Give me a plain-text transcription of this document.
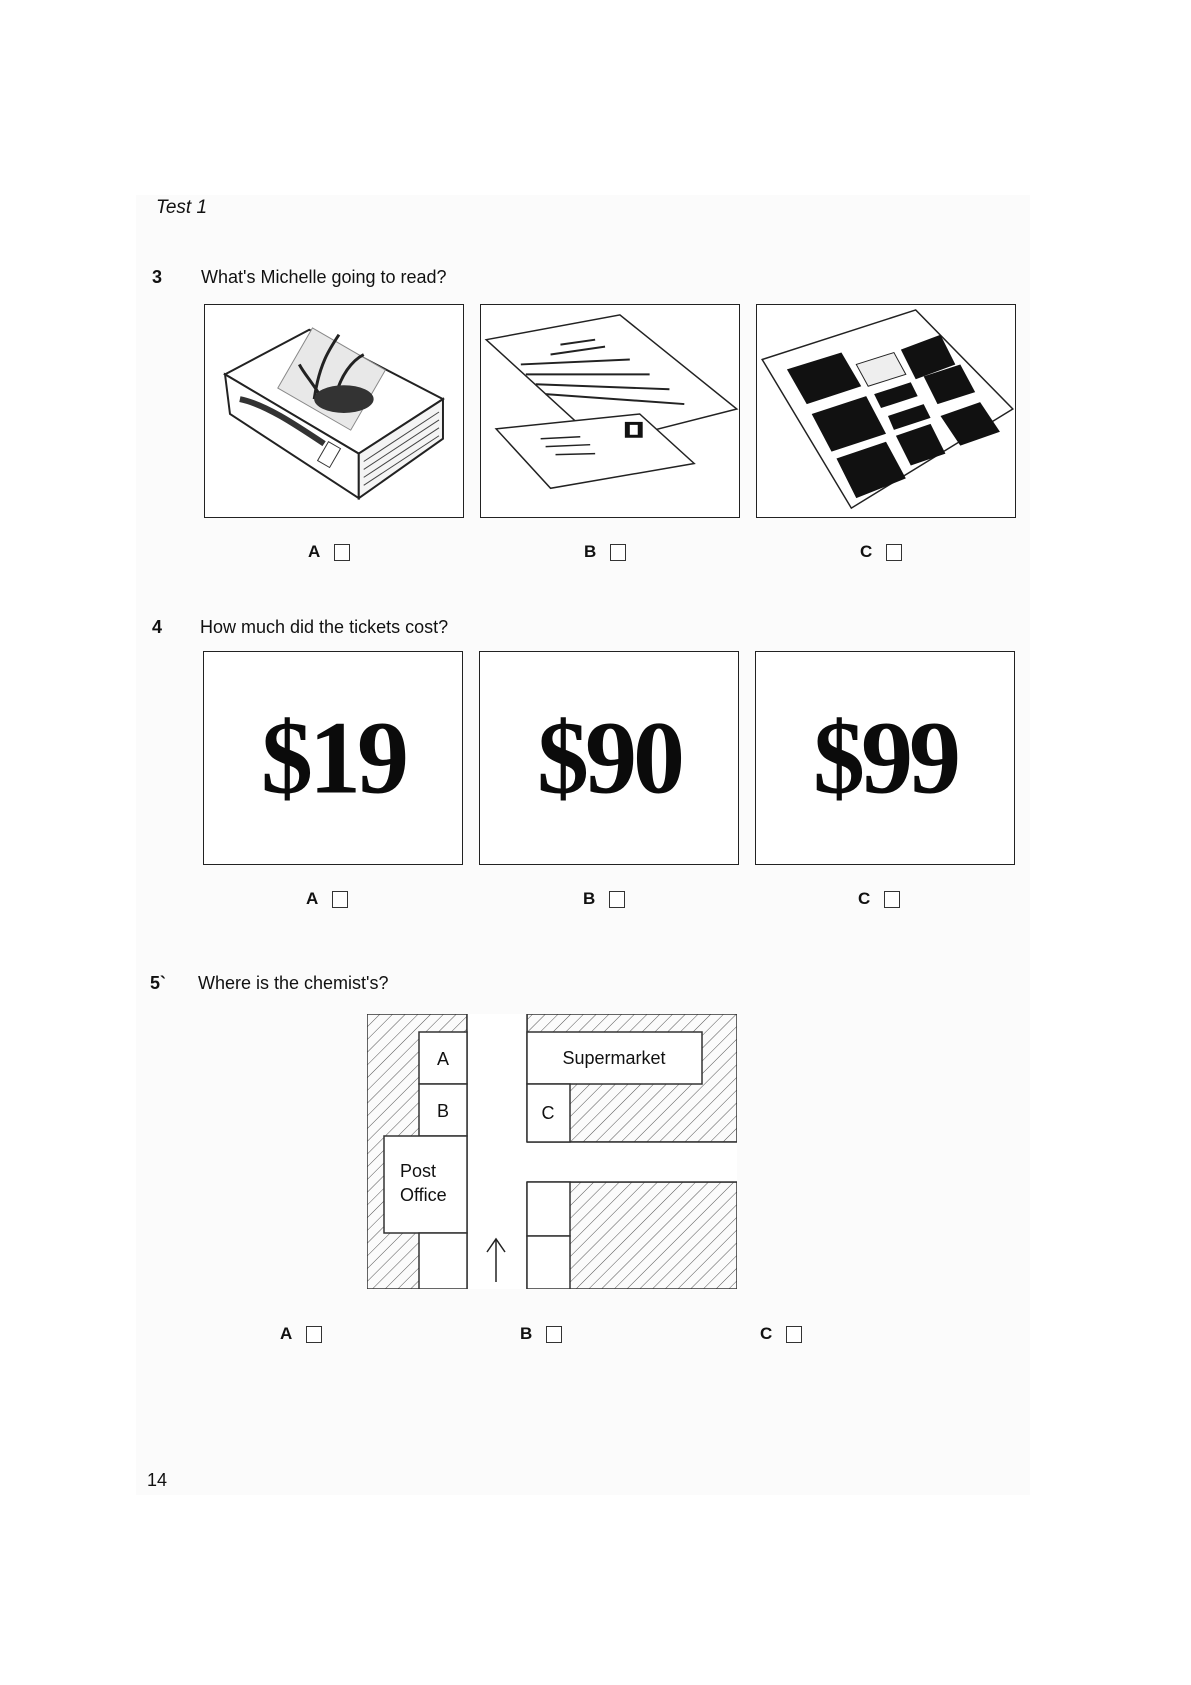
Test 1
3 What's Michelle going to read?
A	B	C
4 How much did the tickets cost?
$19	$90	$99
A	B	C
5` Where is the chemist's?
A
B	C
Supermarket
Post
Office
A	B	C
14
